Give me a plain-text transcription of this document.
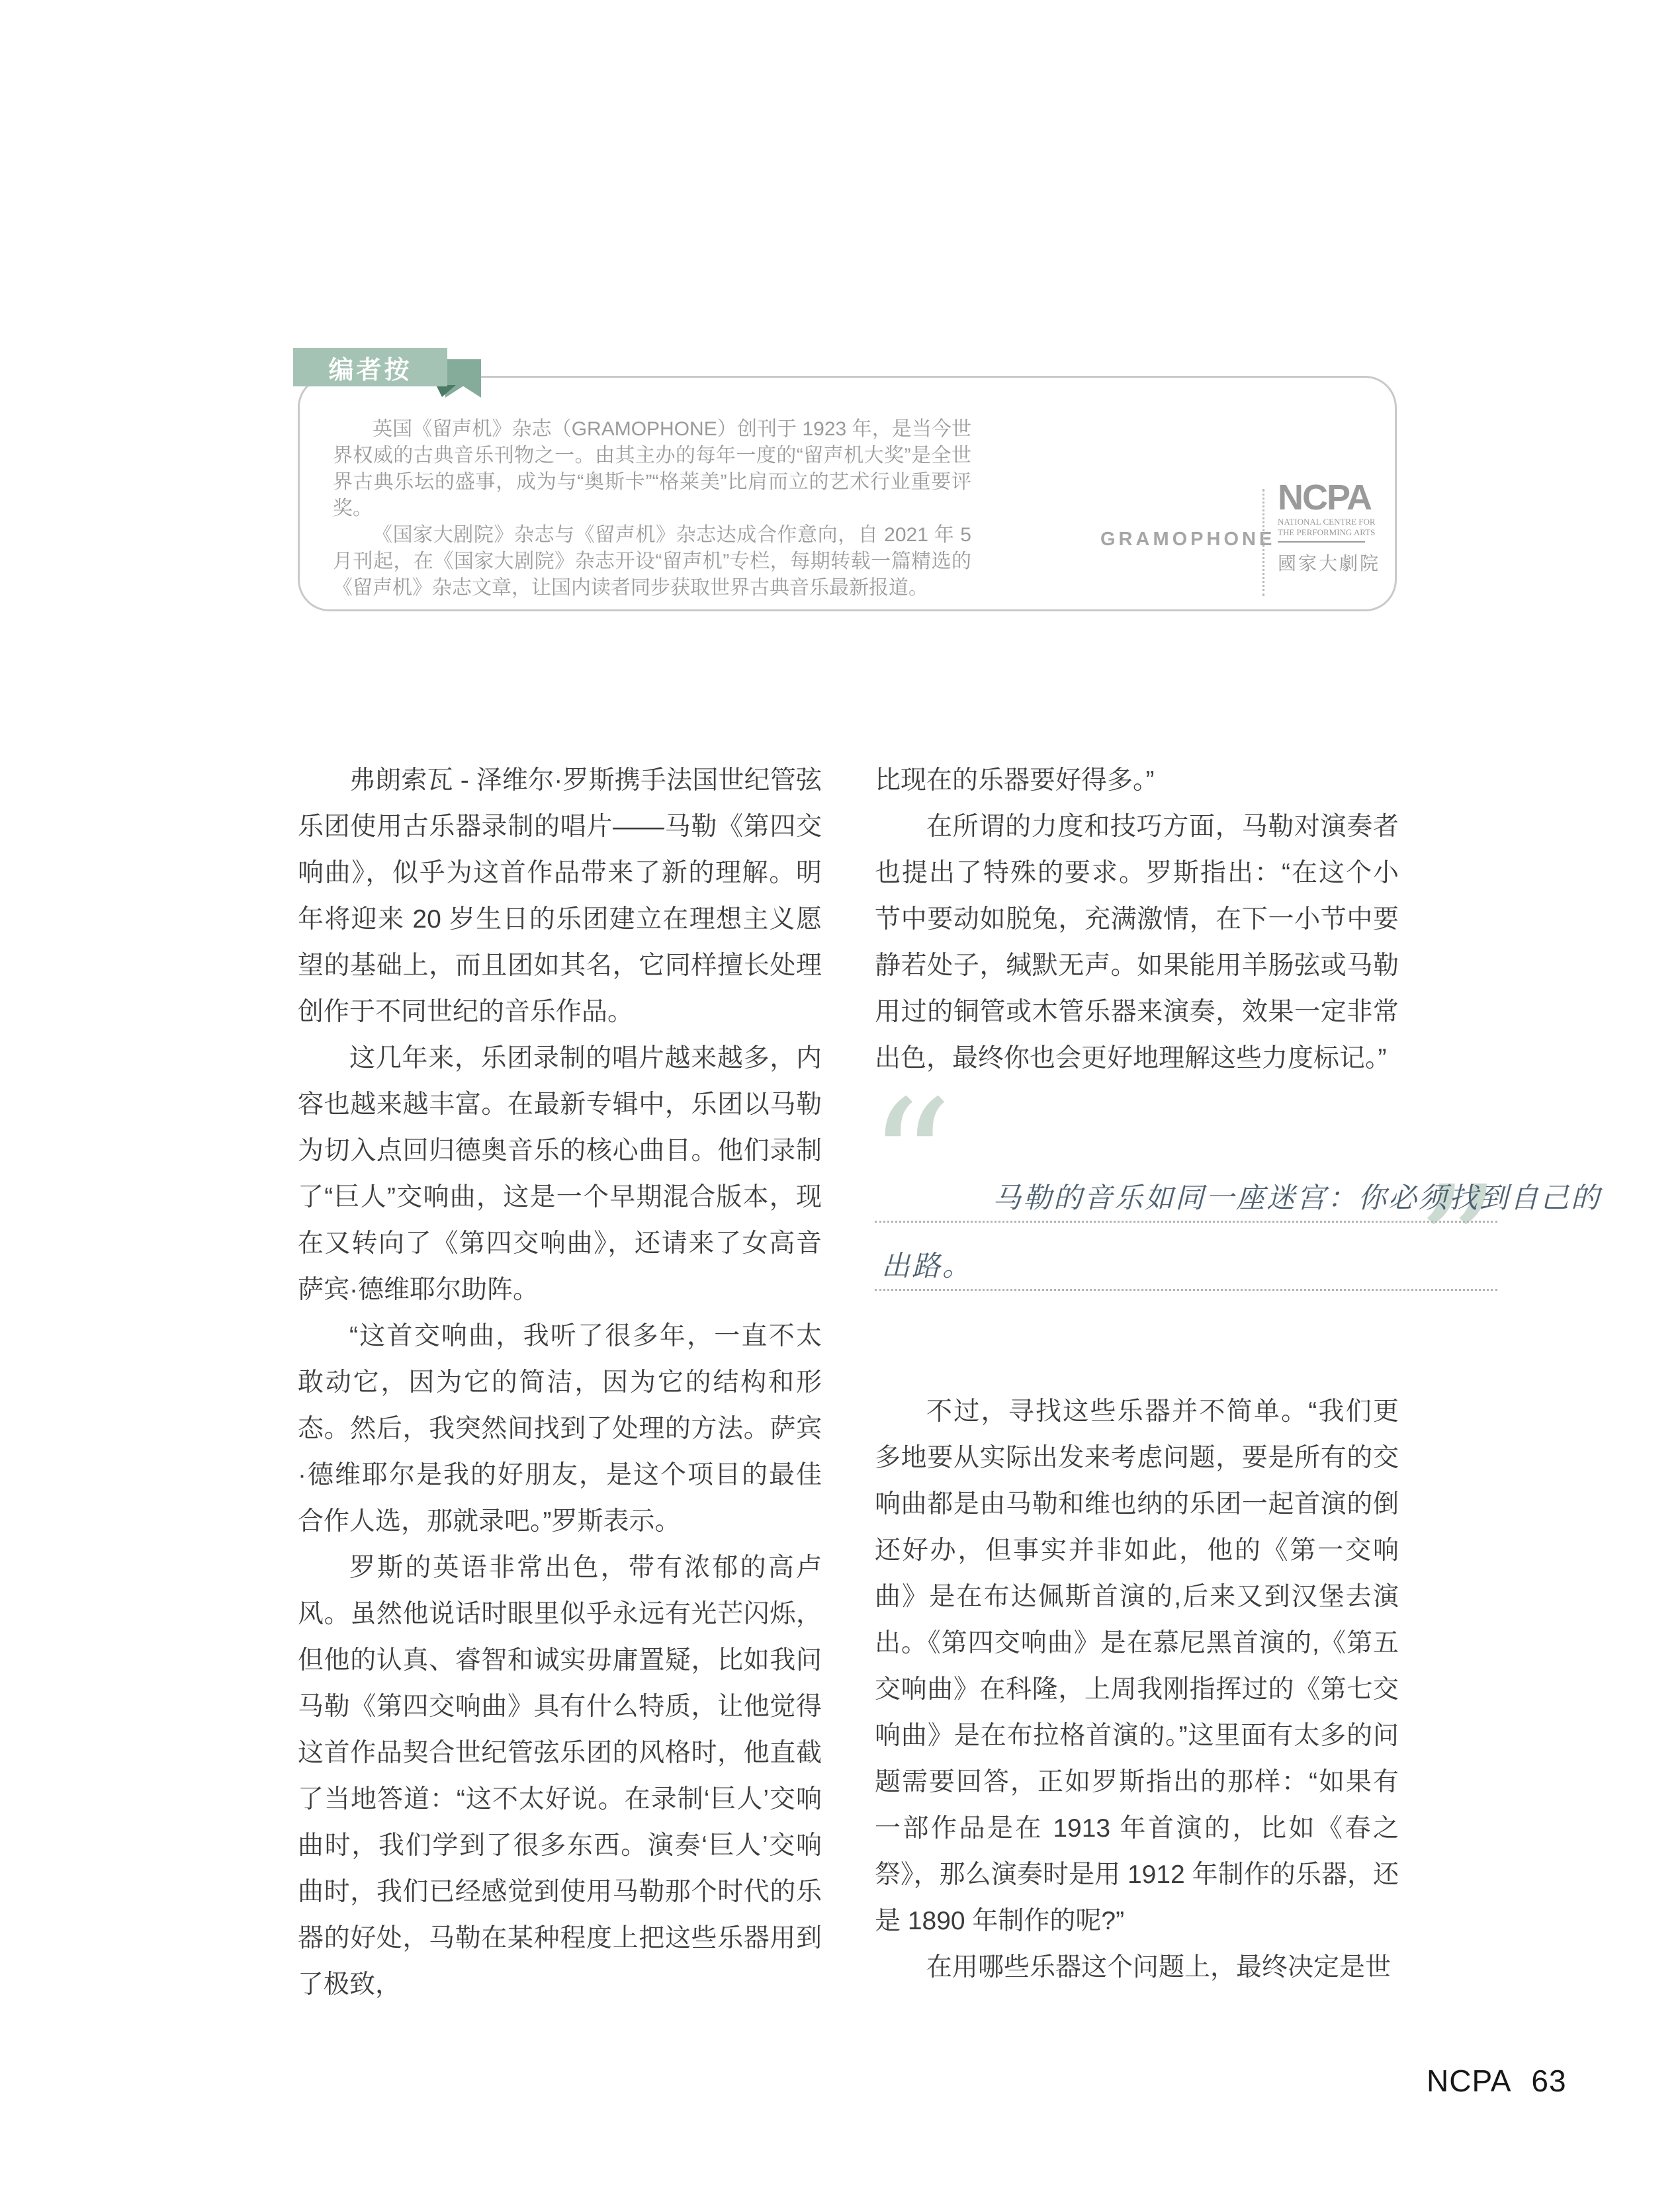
编者按

英国《留声机》杂志（GRAMOPHONE）创刊于 1923 年，是当今世界权威的古典音乐刊物之一。由其主办的每年一度的“留声机大奖”是全世界古典乐坛的盛事，成为与“奥斯卡”“格莱美”比肩而立的艺术行业重要评奖。

《国家大剧院》杂志与《留声机》杂志达成合作意向，自 2021 年 5 月刊起，在《国家大剧院》杂志开设“留声机”专栏，每期转载一篇精选的《留声机》杂志文章，让国内读者同步获取世界古典音乐最新报道。

GRAMOPHONE
NCPA
NATIONAL CENTRE FOR
THE PERFORMING ARTS
國家大劇院

弗朗索瓦 - 泽维尔·罗斯携手法国世纪管弦乐团使用古乐器录制的唱片——马勒《第四交响曲》，似乎为这首作品带来了新的理解。明年将迎来 20 岁生日的乐团建立在理想主义愿望的基础上，而且团如其名，它同样擅长处理创作于不同世纪的音乐作品。

这几年来，乐团录制的唱片越来越多，内容也越来越丰富。在最新专辑中，乐团以马勒为切入点回归德奥音乐的核心曲目。他们录制了“巨人”交响曲，这是一个早期混合版本，现在又转向了《第四交响曲》，还请来了女高音萨宾·德维耶尔助阵。

“这首交响曲，我听了很多年，一直不太敢动它，因为它的简洁，因为它的结构和形态。然后，我突然间找到了处理的方法。萨宾·德维耶尔是我的好朋友，是这个项目的最佳合作人选，那就录吧。”罗斯表示。

罗斯的英语非常出色，带有浓郁的高卢风。虽然他说话时眼里似乎永远有光芒闪烁，但他的认真、睿智和诚实毋庸置疑，比如我问马勒《第四交响曲》具有什么特质，让他觉得这首作品契合世纪管弦乐团的风格时，他直截了当地答道：“这不太好说。在录制‘巨人’交响曲时，我们学到了很多东西。演奏‘巨人’交响曲时，我们已经感觉到使用马勒那个时代的乐器的好处，马勒在某种程度上把这些乐器用到了极致，

比现在的乐器要好得多。”

在所谓的力度和技巧方面，马勒对演奏者也提出了特殊的要求。罗斯指出：“在这个小节中要动如脱兔，充满激情，在下一小节中要静若处子，缄默无声。如果能用羊肠弦或马勒用过的铜管或木管乐器来演奏，效果一定非常出色，最终你也会更好地理解这些力度标记。”

“	”
马勒的音乐如同一座迷宫：你必须找到自己的
出路。

不过，寻找这些乐器并不简单。“我们更多地要从实际出发来考虑问题，要是所有的交响曲都是由马勒和维也纳的乐团一起首演的倒还好办，但事实并非如此，他的《第一交响曲》是在布达佩斯首演的,后来又到汉堡去演出。《第四交响曲》是在慕尼黑首演的,《第五交响曲》在科隆，上周我刚指挥过的《第七交响曲》是在布拉格首演的。”这里面有太多的问题需要回答，正如罗斯指出的那样：“如果有一部作品是在 1913 年首演的，比如《春之祭》，那么演奏时是用 1912 年制作的乐器，还是 1890 年制作的呢?”

在用哪些乐器这个问题上，最终决定是世

NCPA 63
